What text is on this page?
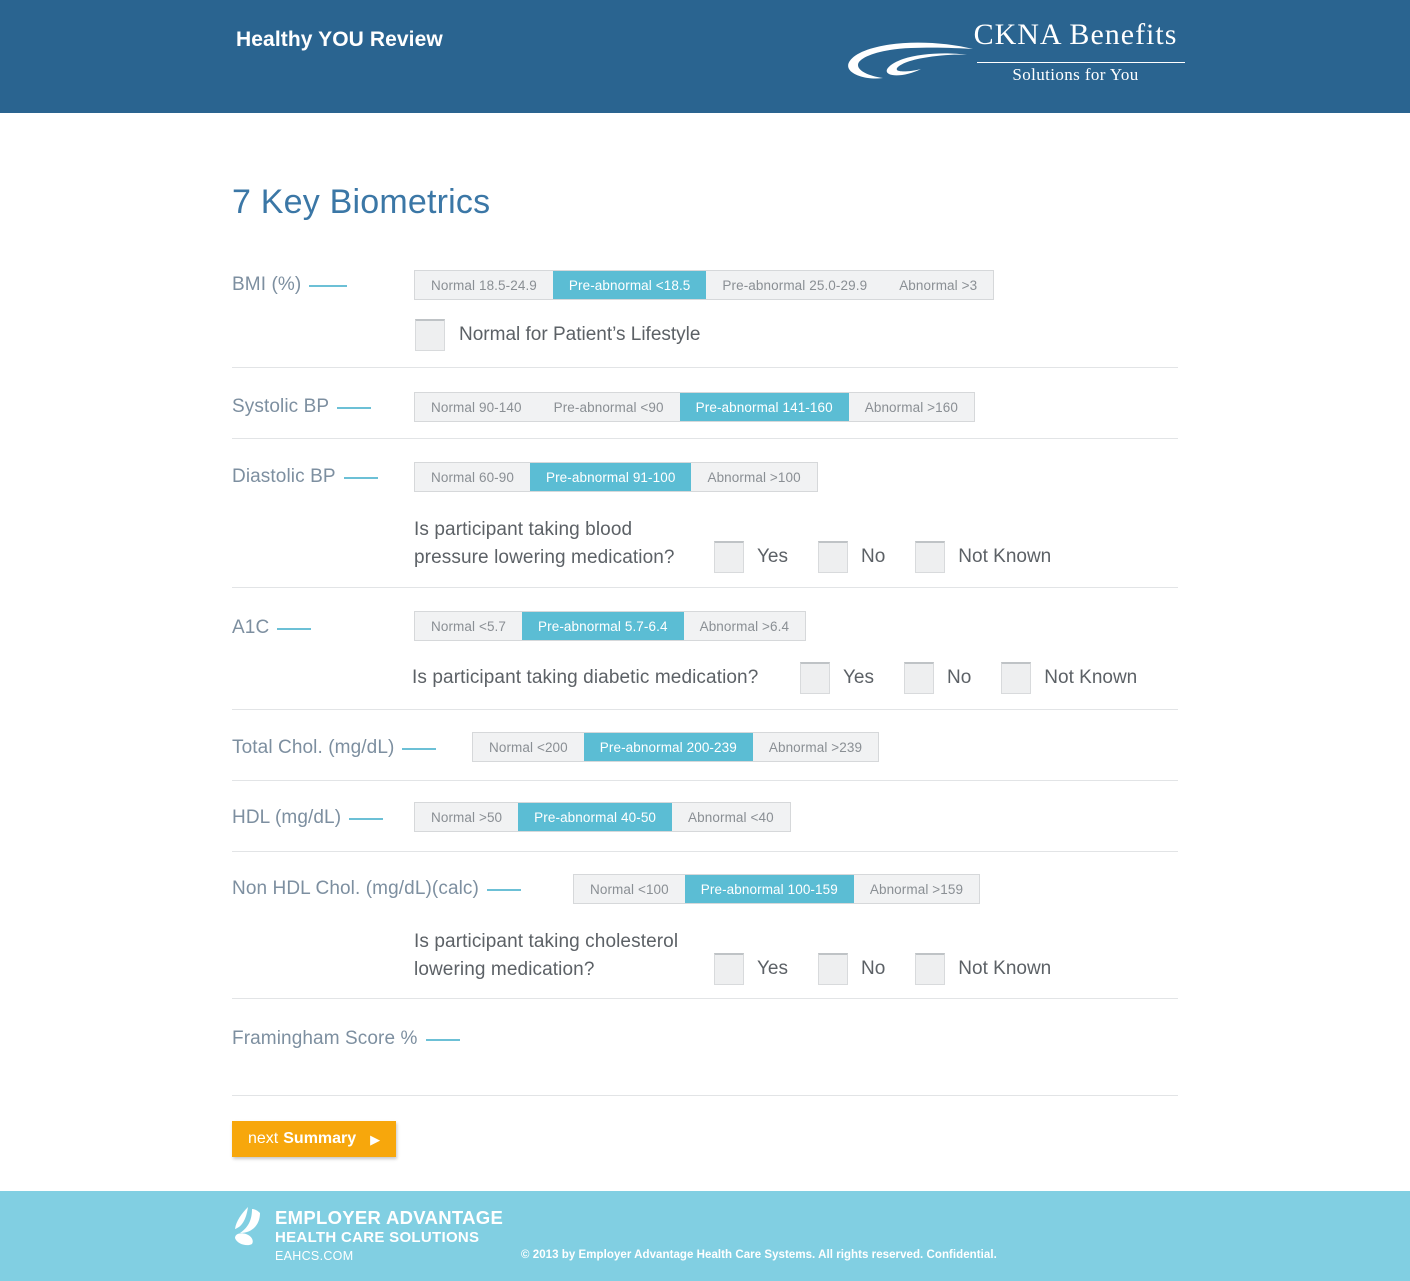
Healthy YOU Review	CKNA Benefits
Solutions for You
7 Key Biometrics
BMI (%)	Normal 18.5-24.9	Pre-abnormal <18.5	Pre-abnormal 25.0-29.9	Abnormal >3
Normal for Patient’s Lifestyle
Systolic BP	Normal 90-140	Pre-abnormal <90	Pre-abnormal 141-160	Abnormal >160
Diastolic BP	Normal 60-90	Pre-abnormal 91-100	Abnormal >100
Is participant taking blood
pressure lowering medication?	Yes	No	Not Known
A1C	Normal <5.7	Pre-abnormal 5.7-6.4	Abnormal >6.4
Is participant taking diabetic medication?	Yes	No	Not Known
Total Chol. (mg/dL)	Normal <200	Pre-abnormal 200-239	Abnormal >239
HDL (mg/dL)	Normal >50	Pre-abnormal 40-50	Abnormal <40
Non HDL Chol. (mg/dL)(calc)	Normal <100	Pre-abnormal 100-159	Abnormal >159
Is participant taking cholesterol
lowering medication?	Yes	No	Not Known
Framingham Score %
next Summary ▶
EMPLOYER ADVANTAGE
HEALTH CARE SOLUTIONS
EAHCS.COM	© 2013 by Employer Advantage Health Care Systems. All rights reserved. Confidential.
